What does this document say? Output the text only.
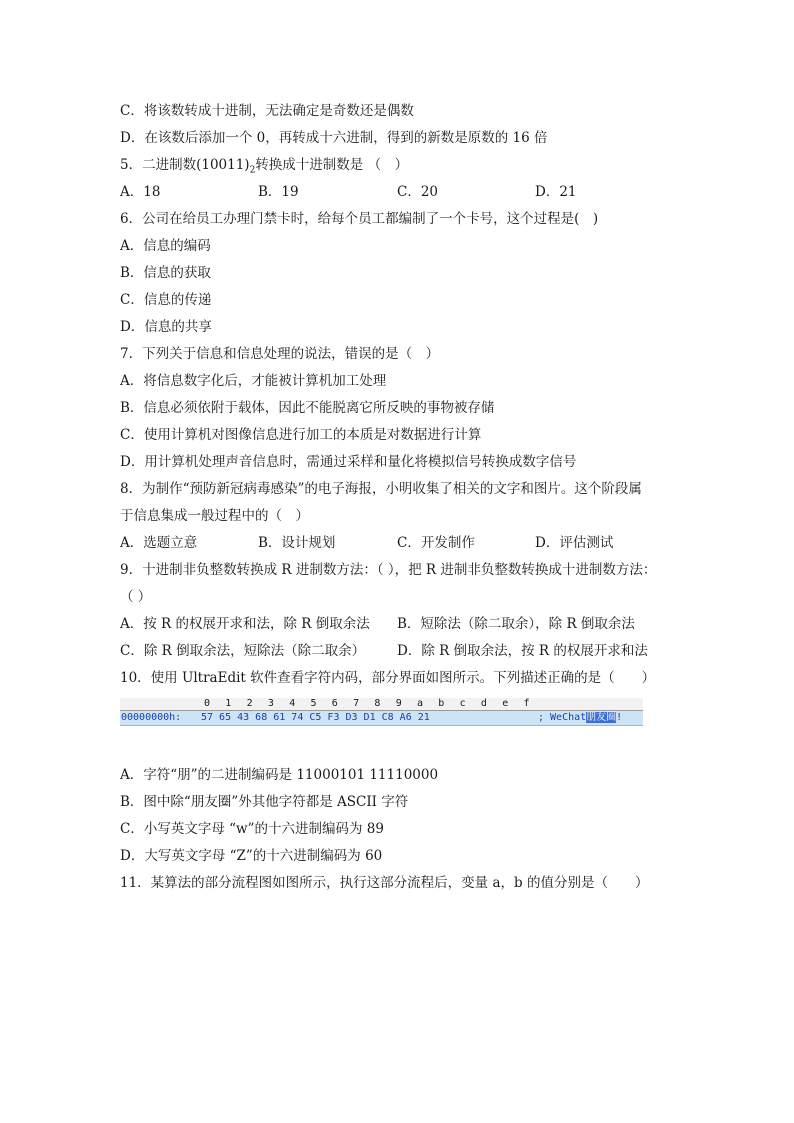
C．将该数转成十进制，无法确定是奇数还是偶数
D．在该数后添加一个 0，再转成十六进制，得到的新数是原数的 16 倍
5．二进制数$(10011)_2$转换成十进制数是 （　）
A．18	B．19	C．20	D．21
6．公司在给员工办理门禁卡时，给每个员工都编制了一个卡号，这个过程是(　)
A．信息的编码
B．信息的获取
C．信息的传递
D．信息的共享
7．下列关于信息和信息处理的说法，错误的是（　）
A．将信息数字化后，才能被计算机加工处理
B．信息必须依附于载体，因此不能脱离它所反映的事物被存储
C．使用计算机对图像信息进行加工的本质是对数据进行计算
D．用计算机处理声音信息时，需通过采样和量化将模拟信号转换成数字信号
8．为制作“预防新冠病毒感染”的电子海报，小明收集了相关的文字和图片。这个阶段属
于信息集成一般过程中的（　）
A．选题立意	B．设计规划	C．开发制作	D．评估测试
9．十进制非负整数转换成 R 进制数方法：（ ），把 R 进制非负整数转换成十进制数方法：
（ ）
A．按 R 的权展开求和法，除 R 倒取余法 B．短除法（除二取余），除 R 倒取余法
C．除 R 倒取余法，短除法（除二取余） D．除 R 倒取余法，按 R 的权展开求和法
10．使用 UltraEdit 软件查看字符内码，部分界面如图所示。下列描述正确的是（　　）
0 1 2 3 4 5 6 7 8 9 a b c d e f
00000000h: 57 65 43 68 61 74 C5 F3 D3 D1 C8 A6 21	; WeChat朋友圈!
A．字符“朋”的二进制编码是 11000101 11110000
B．图中除“朋友圈”外其他字符都是 ASCII 字符
C．小写英文字母 “w”的十六进制编码为 89
D．大写英文字母 “Z”的十六进制编码为 60
11．某算法的部分流程图如图所示，执行这部分流程后，变量 a，b 的值分别是（　　）
